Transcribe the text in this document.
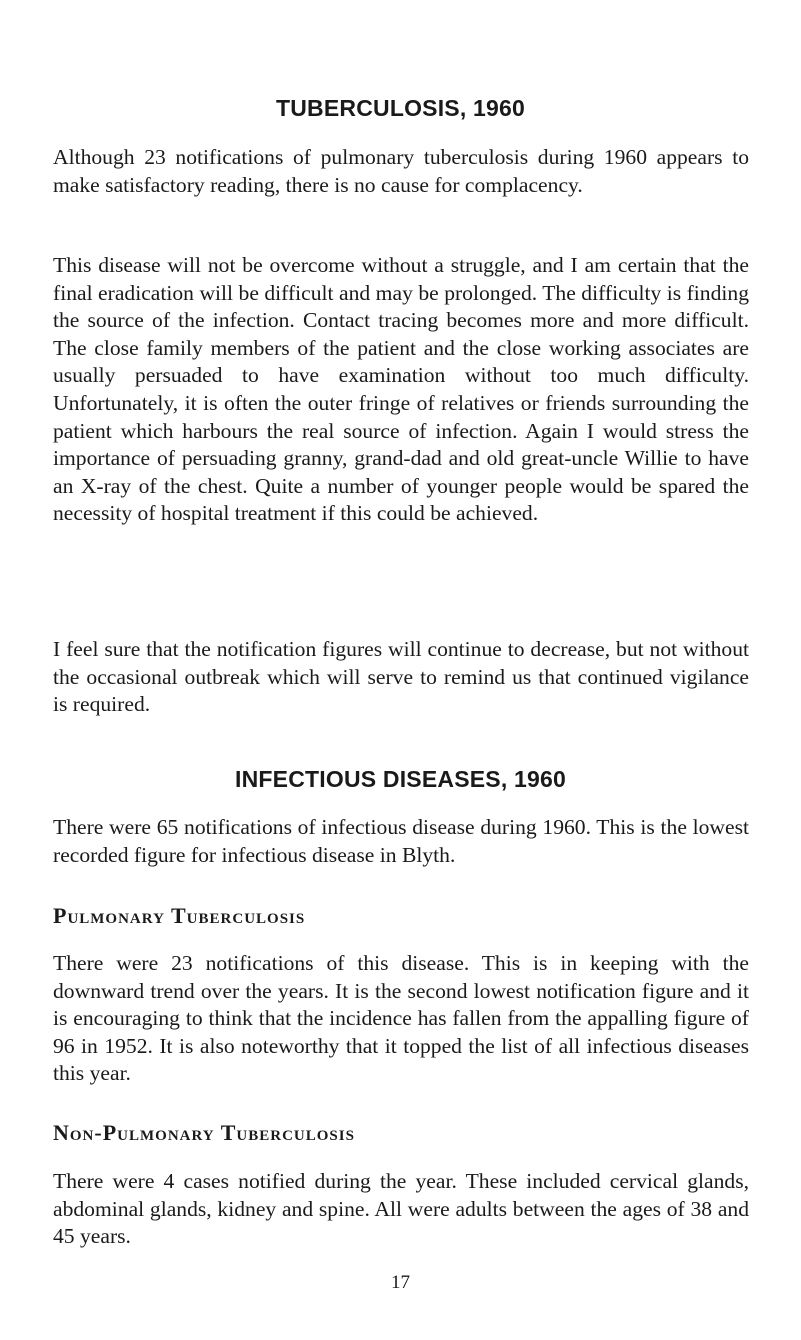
TUBERCULOSIS, 1960

Although 23 notifications of pulmonary tuberculosis during 1960 appears to make satisfactory reading, there is no cause for complacency.

This disease will not be overcome without a struggle, and I am certain that the final eradication will be difficult and may be prolonged. The difficulty is finding the source of the infection. Contact tracing becomes more and more difficult. The close family members of the patient and the close working associates are usually persuaded to have examination without too much difficulty. Unfortunately, it is often the outer fringe of relatives or friends surrounding the patient which harbours the real source of infection. Again I would stress the importance of persuading granny, grand-dad and old great-uncle Willie to have an X-ray of the chest. Quite a number of younger people would be spared the necessity of hospital treatment if this could be achieved.

I feel sure that the notification figures will continue to decrease, but not without the occasional outbreak which will serve to remind us that continued vigilance is required.

INFECTIOUS DISEASES, 1960

There were 65 notifications of infectious disease during 1960. This is the lowest recorded figure for infectious disease in Blyth.

Pulmonary Tuberculosis

There were 23 notifications of this disease. This is in keeping with the downward trend over the years. It is the second lowest notification figure and it is encouraging to think that the incidence has fallen from the appalling figure of 96 in 1952. It is also noteworthy that it topped the list of all infectious diseases this year.

Non-Pulmonary Tuberculosis

There were 4 cases notified during the year. These included cervical glands, abdominal glands, kidney and spine. All were adults between the ages of 38 and 45 years.

17
